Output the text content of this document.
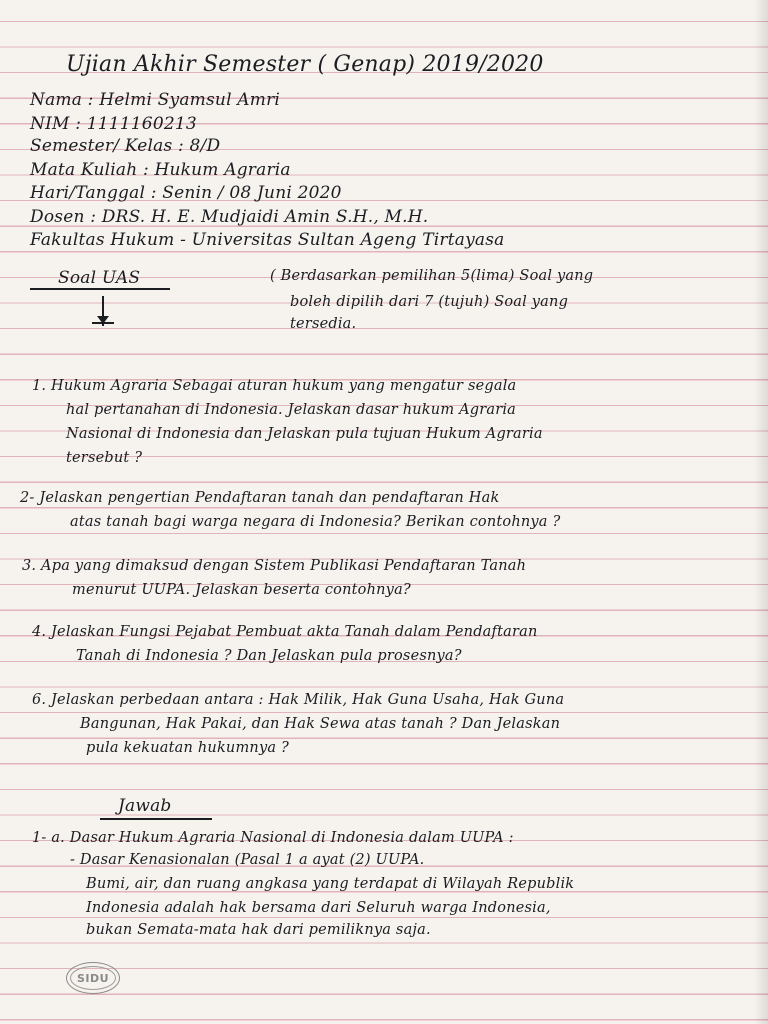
Ujian Akhir Semester ( Genap) 2019/2020
Nama : Helmi Syamsul Amri
NIM : 1111160213
Semester/ Kelas : 8/D
Mata Kuliah : Hukum Agraria
Hari/Tanggal : Senin / 08 Juni 2020
Dosen : DRS. H. E. Mudjaidi Amin S.H., M.H.
Fakultas Hukum - Universitas Sultan Ageng Tirtayasa
Soal UAS	( Berdasarkan pemilihan 5(lima) Soal yang
boleh dipilih dari 7 (tujuh) Soal yang
tersedia.
1. Hukum Agraria Sebagai aturan hukum yang mengatur segala
hal pertanahan di Indonesia. Jelaskan dasar hukum Agraria
Nasional di Indonesia dan Jelaskan pula tujuan Hukum Agraria
tersebut ?
2- Jelaskan pengertian Pendaftaran tanah dan pendaftaran Hak
atas tanah bagi warga negara di Indonesia? Berikan contohnya ?
3. Apa yang dimaksud dengan Sistem Publikasi Pendaftaran Tanah
menurut UUPA. Jelaskan beserta contohnya?
4. Jelaskan Fungsi Pejabat Pembuat akta Tanah dalam Pendaftaran
Tanah di Indonesia ? Dan Jelaskan pula prosesnya?
6. Jelaskan perbedaan antara : Hak Milik, Hak Guna Usaha, Hak Guna
Bangunan, Hak Pakai, dan Hak Sewa atas tanah ? Dan Jelaskan
pula kekuatan hukumnya ?
Jawab
1- a. Dasar Hukum Agraria Nasional di Indonesia dalam UUPA :
- Dasar Kenasionalan (Pasal 1 a ayat (2) UUPA.
Bumi, air, dan ruang angkasa yang terdapat di Wilayah Republik
Indonesia adalah hak bersama dari Seluruh warga Indonesia,
bukan Semata-mata hak dari pemiliknya saja.
SIDU
